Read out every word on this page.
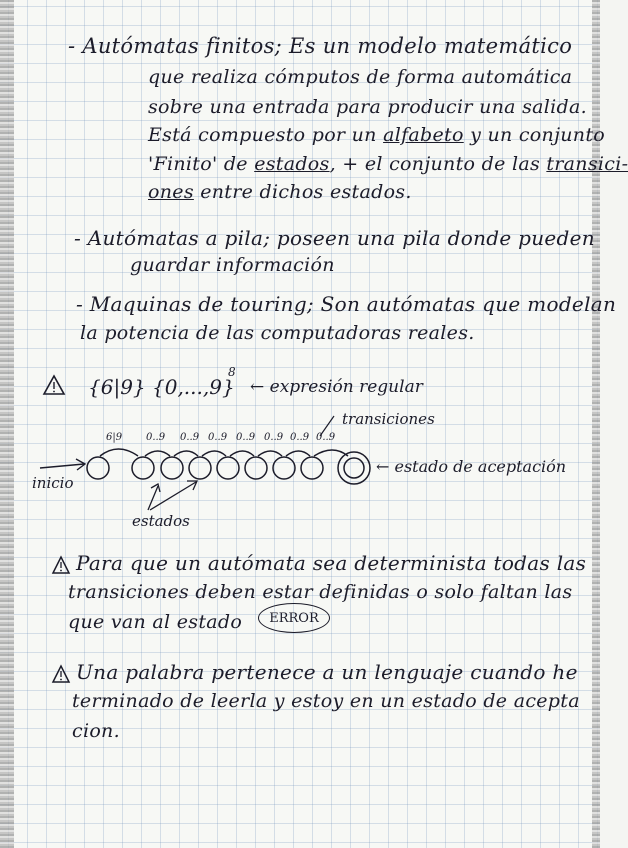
- Autómatas finitos; Es un modelo matemático
que realiza cómputos de forma automática
sobre una entrada para producir una salida.
Está compuesto por un alfabeto y un conjunto
'Finito' de estados, + el conjunto de las transici-
ones entre dichos estados.
- Autómatas a pila; poseen una pila donde pueden
guardar información
- Maquinas de touring; Son autómatas que modelan
la potencia de las computadoras reales.
{6|9} {0,...,9}
8
← expresión regular
transiciones
6|9 0..9 0..9 0..9 0..9 0..9 0..9 0..9
inicio
← estado de aceptación
estados
Para que un autómata sea determinista todas las
transiciones deben estar definidas o solo faltan las
que van al estado ERROR
Una palabra pertenece a un lenguaje cuando he
terminado de leerla y estoy en un estado de acepta
cion.
